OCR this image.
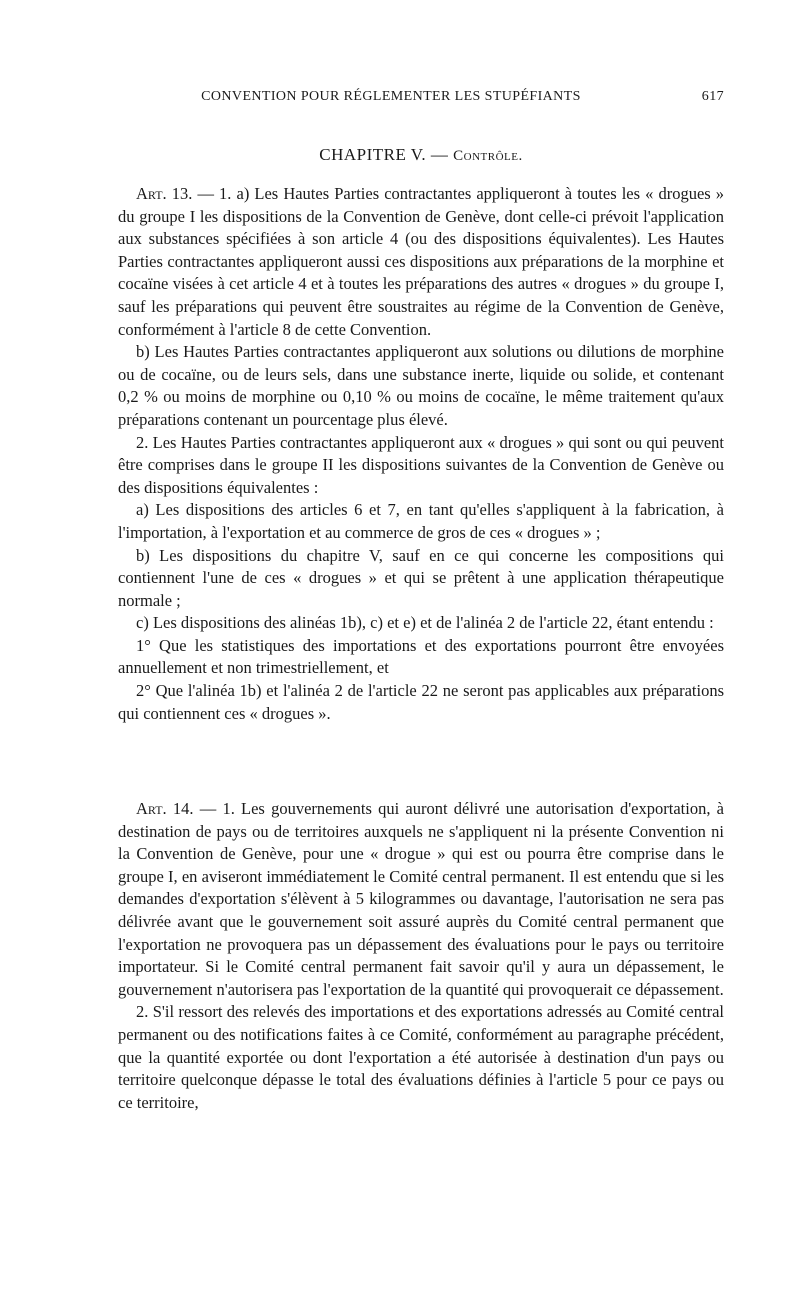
CONVENTION POUR RÉGLEMENTER LES STUPÉFIANTS	617
CHAPITRE V. — Contrôle.

Art. 13. — 1. a) Les Hautes Parties contractantes appliqueront à toutes les « drogues » du groupe I les dispositions de la Convention de Genève, dont celle-ci prévoit l'application aux substances spécifiées à son article 4 (ou des dispositions équivalentes). Les Hautes Parties contractantes appliqueront aussi ces dispositions aux préparations de la morphine et cocaïne visées à cet article 4 et à toutes les préparations des autres « drogues » du groupe I, sauf les préparations qui peuvent être soustraites au régime de la Convention de Genève, conformément à l'article 8 de cette Convention.

b) Les Hautes Parties contractantes appliqueront aux solutions ou dilutions de morphine ou de cocaïne, ou de leurs sels, dans une substance inerte, liquide ou solide, et contenant 0,2 % ou moins de morphine ou 0,10 % ou moins de cocaïne, le même traitement qu'aux préparations contenant un pourcentage plus élevé.

2. Les Hautes Parties contractantes appliqueront aux « drogues » qui sont ou qui peuvent être comprises dans le groupe II les dispositions suivantes de la Convention de Genève ou des dispositions équivalentes :

a) Les dispositions des articles 6 et 7, en tant qu'elles s'appliquent à la fabrication, à l'importation, à l'exportation et au commerce de gros de ces « drogues » ;

b) Les dispositions du chapitre V, sauf en ce qui concerne les compositions qui contiennent l'une de ces « drogues » et qui se prêtent à une application thérapeutique normale ;

c) Les dispositions des alinéas 1b), c) et e) et de l'alinéa 2 de l'article 22, étant entendu :

1° Que les statistiques des importations et des exportations pourront être envoyées annuellement et non trimestriellement, et

2° Que l'alinéa 1b) et l'alinéa 2 de l'article 22 ne seront pas applicables aux préparations qui contiennent ces « drogues ».

Art. 14. — 1. Les gouvernements qui auront délivré une autorisation d'exportation, à destination de pays ou de territoires auxquels ne s'appliquent ni la présente Convention ni la Convention de Genève, pour une « drogue » qui est ou pourra être comprise dans le groupe I, en aviseront immédiatement le Comité central permanent. Il est entendu que si les demandes d'exportation s'élèvent à 5 kilogrammes ou davantage, l'autorisation ne sera pas délivrée avant que le gouvernement soit assuré auprès du Comité central permanent que l'exportation ne provoquera pas un dépassement des évaluations pour le pays ou territoire importateur. Si le Comité central permanent fait savoir qu'il y aura un dépassement, le gouvernement n'autorisera pas l'exportation de la quantité qui provoquerait ce dépassement.

2. S'il ressort des relevés des importations et des exportations adressés au Comité central permanent ou des notifications faites à ce Comité, conformément au paragraphe précédent, que la quantité exportée ou dont l'exportation a été autorisée à destination d'un pays ou territoire quelconque dépasse le total des évaluations définies à l'article 5 pour ce pays ou ce territoire,
